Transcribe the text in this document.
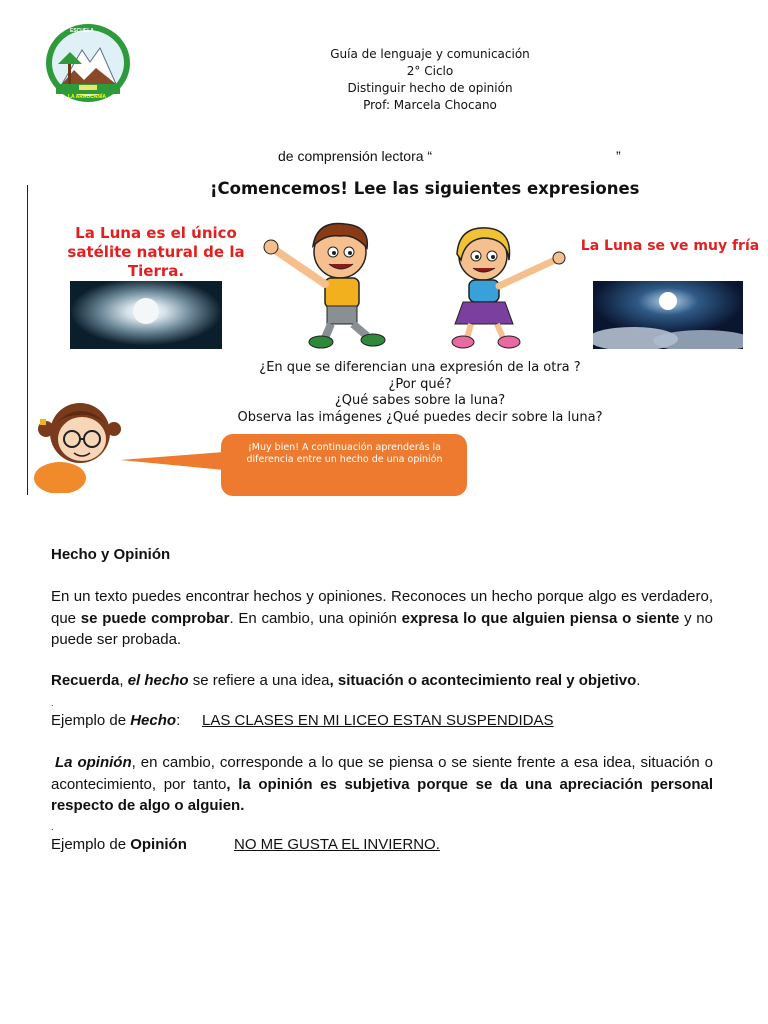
ESCUELA
LA ARAUCANÍA
Guía de lenguaje y comunicación
2° Ciclo
Distinguir hecho de opinión
Prof: Marcela Chocano
de comprensión lectora “	”
¡Comencemos! Lee las siguientes expresiones
La Luna es el único satélite natural de la Tierra.
La Luna se ve muy fría
¿En que se diferencian una expresión de la otra ?
¿Por qué?
¿Qué sabes sobre la luna?
Observa las imágenes ¿Qué puedes decir sobre la luna?
¡Muy bien! A continuación aprenderás la diferencia entre un hecho de una opinión
Hecho y Opinión
En un texto puedes encontrar hechos y opiniones. Reconoces un hecho porque algo es verdadero, que se puede comprobar. En cambio, una opinión expresa lo que alguien piensa o siente y no puede ser probada.
Recuerda, el hecho se refiere a una idea, situación o acontecimiento real y objetivo.
.
Ejemplo de Hecho: LAS CLASES EN MI LICEO ESTAN SUSPENDIDAS
La opinión, en cambio, corresponde a lo que se piensa o se siente frente a esa idea, situación o acontecimiento, por tanto, la opinión es subjetiva porque se da una apreciación personal respecto de algo o alguien.
.
Ejemplo de Opinión	NO ME GUSTA EL INVIERNO.
